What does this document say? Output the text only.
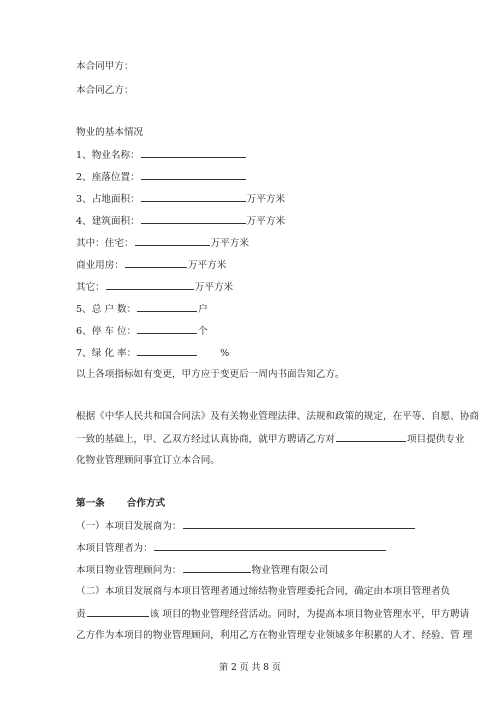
本合同甲方：
本合同乙方：
物业的基本情况
1、物业名称：
2、座落位置：
3、占地面积：	万平方米
4、建筑面积：	万平方米
其中：住宅：	万平方米
商业用房：	万平方米
其它：	万平方米
5、总 户 数：	户
6、停 车 位：	个
7、绿 化 率：	%
以上各项指标如有变更，甲方应于变更后一周内书面告知乙方。
根据《中华人民共和国合同法》及有关物业管理法律、法规和政策的规定，在平等、自愿、协商
一致的基础上，甲、乙双方经过认真协商，就甲方聘请乙方对	项目提供专业
化物业管理顾问事宜订立本合同。
第一条 合作方式
（一）本项目发展商为：
本项目管理者为：
本项目物业管理顾问为：	物业管理有限公司
（二）本项目发展商与本项目管理者通过缔结物业管理委托合同，确定由本项目管理者负
责	该 项目的物业管理经营活动。同时，为提高本项目物业管理水平，甲方聘请
乙方作为本项目的物业管理顾问，利用乙方在物业管理专业领域多年积累的人才、经验、管 理
第 2 页 共 8 页
